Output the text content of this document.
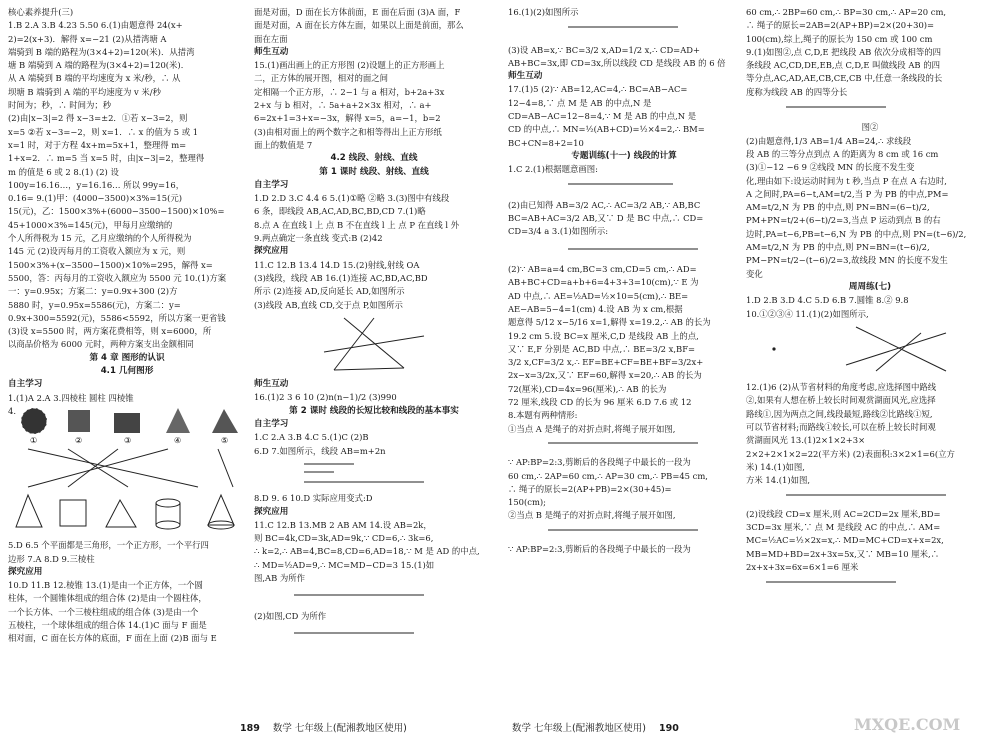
核心素养提升(三)
1.B 2.A 3.B 4.23 5.50 6.(1)由题意得 24(x+
2)=2(x+3)．解得 x=−21 (2)从措湾塘 A
端骑到 B 端的路程为(3×4+2)=120(米)．从措湾
塘 B 端骑到 A 端的路程为(3×4+2)=120(米)．
从 A 端骑到 B 端的平均速度为 x 米/秒，∴ 从
坝塘 B 端骑到 A 端的平均速度为 v 米/秒
时间为；秒，∴ 时间为；秒
(2)由|x−3|=2 得 x−3=±2．①若 x−3=2，则
x=5 ②若 x−3=−2，则 x=1．∴ x 的值为 5 或 1
x=1 时，对于方程 4x+m=5x+1，整理得 m=
1+x=2．∴ m=5 当 x=5 时，由|x−3|=2，整理得
m 的值是 6 或 2 8.(1) (2) 设
100y=16.16…，y=16.16… 所以 99y=16，
0.16= 9.(1)甲：(4000−3500)×3%=15(元)
15(元)，乙：1500×3%+(6000−3500−1500)×10%=
45+1000×3%=145(元)，甲每月应缴纳的
个人所得税为 15 元，乙月应缴纳的个人所得税为
145 元 (2)设丙每月的工资收入额应为 x 元，则
1500×3%+(x−3500−1500)×10%=295，解得 x=
5500，答：丙每月的工资收入额应为 5500 元 10.(1)方案
一：y=0.95x；方案二：y=0.9x+300 (2)方
5880 时，y=0.95x=5586(元)，方案二：y=
0.9x+300=5592(元)，5586<5592，所以方案一更省钱
(3)设 x=5500 时，两方案花费相等，则 x=6000，所
以商品价格为 6000 元时，两种方案支出金额相同
第 4 章 图形的认识
4.1 几何图形
自主学习
1.(1)A 2.A 3.四棱柱 圆柱 四棱锥
4.
①	②	③	④	⑤
5.D 6.5 个平面都是三角形，一个正方形，一个平行四
边形 7.A 8.D 9.三棱柱
探究应用
10.D 11.B 12.棱锥 13.(1)是由一个正方体，一个圆
柱体，一个圆锥体组成的组合体 (2)是由一个圆柱体，
一个长方体、一个三棱柱组成的组合体 (3)是由一个
五棱柱，一个球体组成的组合体 14.(1)C 面与 F 面是
相对面，C 面在长方体的底面，F 面在上面 (2)B 面与 E
面是对面，D 面在长方体前面，E 面在后面 (3)A 面，F
面是对面，A 面在长方体左面，如果以上面是前面，那么
面在左面
师生互动
15.(1)画出画上的正方形图 (2)设题上的正方形画上
二，正方体的展开图，相对的面之间
定相隔一个正方形，∴ 2−1 与 a 相对，b+2a+3x
2+x 与 b 相对，∴ 5a+a+2×3x 相对，∴ a+
6=2x+1=3+x=−3x，解得 x=5，a=−1，b=2
(3)由相对面上的两个数字之和相等得出上正方形纸
面上的数值是 7
4.2 线段、射线、直线
第 1 课时 线段、射线、直线
自主学习
1.D 2.D 3.C 4.4 6 5.(1)①略 ②略 3.(3)图中有线段
6 条，即线段 AB,AC,AD,BC,BD,CD 7.(1)略
8.点 A 在直线 l 上 点 B 不在直线 l 上 点 P 在直线 l 外
9.两点确定一条直线 变式:B (2)42
探究应用
11.C 12.B 13.4 14.D 15.(2)射线,射线 OA
(3)线段，线段 AB 16.(1)连接 AC,BD,AC,BD
所示 (2)连接 AD,反向延长 AD,如图所示
(3)线段 AB,直线 CD,交于点 P,如图所示
师生互动
16.(1)2 3 6 10 (2)n(n−1)/2 (3)990
第 2 课时 线段的长短比较和线段的基本事实
自主学习
1.C 2.A 3.B 4.C 5.(1)C (2)B
6.D 7.如图所示，线段 AB=m+2n
8.D 9. 6 10.D 实际应用变式:D
探究应用
11.C 12.B 13.MB 2 AB AM 14.设 AB=2k，
则 BC=4k,CD=3k,AD=9k,∵ CD=6,∴ 3k=6,
∴ k=2,∴ AB=4,BC=8,CD=6,AD=18,∵ M 是 AD 的中点,
∴ MD=½AD=9,∴ MC=MD−CD=3 15.(1)如
图,AB 为所作
(2)如图,CD 为所作
16.(1)(2)如图所示
(3)设 AB=x,∵ BC=3/2 x,AD=1/2 x,∴ CD=AD+
AB+BC=3x,即 CD=3x,所以线段 CD 是线段 AB 的 6 倍
师生互动
17.(1)5 (2)∵ AB=12,AC=4,∴ BC=AB−AC=
12−4=8,∵ 点 M 是 AB 的中点,N 是
CD=AB−AC=12−8=4,∵ M 是 AB 的中点,N 是
CD 的中点,∴ MN=½(AB+CD)=½×4=2,∴ BM=
BC+CN=8+2=10
专题训练(十一) 线段的计算
1.C 2.(1)根据题意画图:
(2)由已知得 AB=3/2 AC,∴ AC=3/2 AB,∵ AB,BC
BC=AB+AC=3/2 AB,又∵ D 是 BC 中点,∴ CD=
CD=3/4 a 3.(1)如图所示:
(2)∵ AB=a=4 cm,BC=3 cm,CD=5 cm,∴ AD=
AB+BC+CD=a+b+6=4+3+3=10(cm),∵ E 为
AD 中点,∴ AE=½AD=½×10=5(cm),∴ BE=
AE−AB=5−4=1(cm) 4.设 AB 为 x cm,根据
题意得 5/12 x−5/16 x=1,解得 x=19.2,∴ AB 的长为
19.2 cm 5.设 BC=x 厘米,C,D 是线段 AB 上的点,
又∵ E,F 分别是 AC,BD 中点,∴ BE=3/2 x,BF=
3/2 x,CF=3/2 x,∴ EF=BE+CF=BE+BF=3/2x+
2x−x=3/2x,又∵ EF=60,解得 x=20,∴ AB 的长为
72(厘米),CD=4x=96(厘米),∴ AB 的长为
72 厘米,线段 CD 的长为 96 厘米 6.D 7.6 或 12
8.本题有两种情形:
①当点 A 是绳子的对折点时,将绳子展开如图,
∵ AP:BP=2:3,剪断后的各段绳子中最长的一段为
60 cm,∴ 2AP=60 cm,∴ AP=30 cm,∴ PB=45 cm,
∴ 绳子的原长=2(AP+PB)=2×(30+45)=
150(cm);
②当点 B 是绳子的对折点时,将绳子展开如图,
∵ AP:BP=2:3,剪断后的各段绳子中最长的一段为
60 cm,∴ 2BP=60 cm,∴ BP=30 cm,∴ AP=20 cm,
∴ 绳子的原长=2AB=2(AP+BP)=2×(20+30)=
100(cm),综上,绳子的原长为 150 cm 或 100 cm
9.(1)如图②,点 C,D,E 把线段 AB 依次分成相等的四
条线段 AC,CD,DE,EB,点 C,D,E 叫做线段 AB 的四
等分点,AC,AD,AE,CB,CE,CB 中,任意一条线段的长
度称为线段 AB 的四等分长
图②
(2)由题意得,1/3 AB=1/4 AB=24,∴ 求线段
段 AB 的三等分点到点 A 的距离为 8 cm 或 16 cm
(3)①−12 −6 9 ②线段 MN 的长度不发生变
化,理由如下:设运动时间为 t 秒,当点 P 在点 A 右边时,
A 之间时,PA=6−t,AM=t/2,当 P 为 PB 的中点,PM=
AM=t/2,N 为 PB 的中点,则 PN=BN=(6−t)/2,
PM+PN=t/2+(6−t)/2=3,当点 P 运动到点 B 的右
边时,PA=t−6,PB=t−6,N 为 PB 的中点,则 PN=(t−6)/2,
AM=t/2,N 为 PB 的中点,则 PN=BN=(t−6)/2,
PM−PN=t/2−(t−6)/2=3,故线段 MN 的长度不发生
变化
周周练(七)
1.D 2.B 3.D 4.C 5.D 6.B 7.圆锥 8.② 9.8
10.①②③④ 11.(1)(2)如图所示,
12.(1)6 (2)从节省材料的角度考虑,应选择图中路线
②,如果有人想在桥上较长时间观赏湖面风光,应选择
路线①,因为两点之间,线段最短,路线②比路线①短,
可以节省材料;而路线①较长,可以在桥上较长时间观
赏湖面风光 13.(1)2×1×2+3×
2×2+2×1×2=22(平方米) (2)表面积:3×2×1=6(立方
米) 14.(1)如图,
方米 14.(1)如图,
(2)设线段 CD=x 厘米,则 AC=2CD=2x 厘米,BD=
3CD=3x 厘米,∵ 点 M 是线段 AC 的中点,∴ AM=
MC=½AC=½×2x=x,∴ MD=MC+CD=x+x=2x,
MB=MD+BD=2x+3x=5x,又∵ MB=10 厘米,∴
2x+x+3x=6x=6×1=6 厘米
189 数学 七年级上(配湘教地区使用)	数学 七年级上(配湘教地区使用) 190	MXQE.COM
